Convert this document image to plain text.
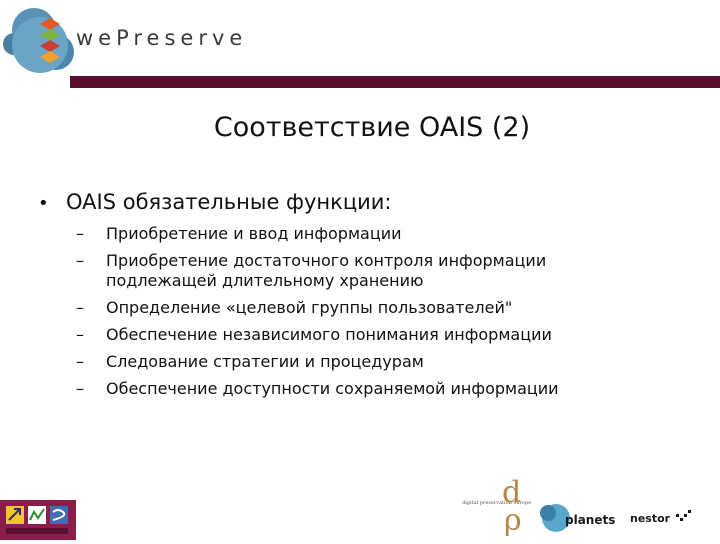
wePreserve
Соответствие OAIS (2)
• OAIS обязательные функции:
–	Приобретение и ввод информации
–	Приобретение достаточного контроля информации
подлежащей длительному хранению
–	Определение «целевой группы пользователей"
–	Обеспечение независимого понимания информации
–	Следование стратегии и процедурам
–	Обеспечение доступности сохраняемой информации
digital preservation europe
d
ρ	planets nestor
